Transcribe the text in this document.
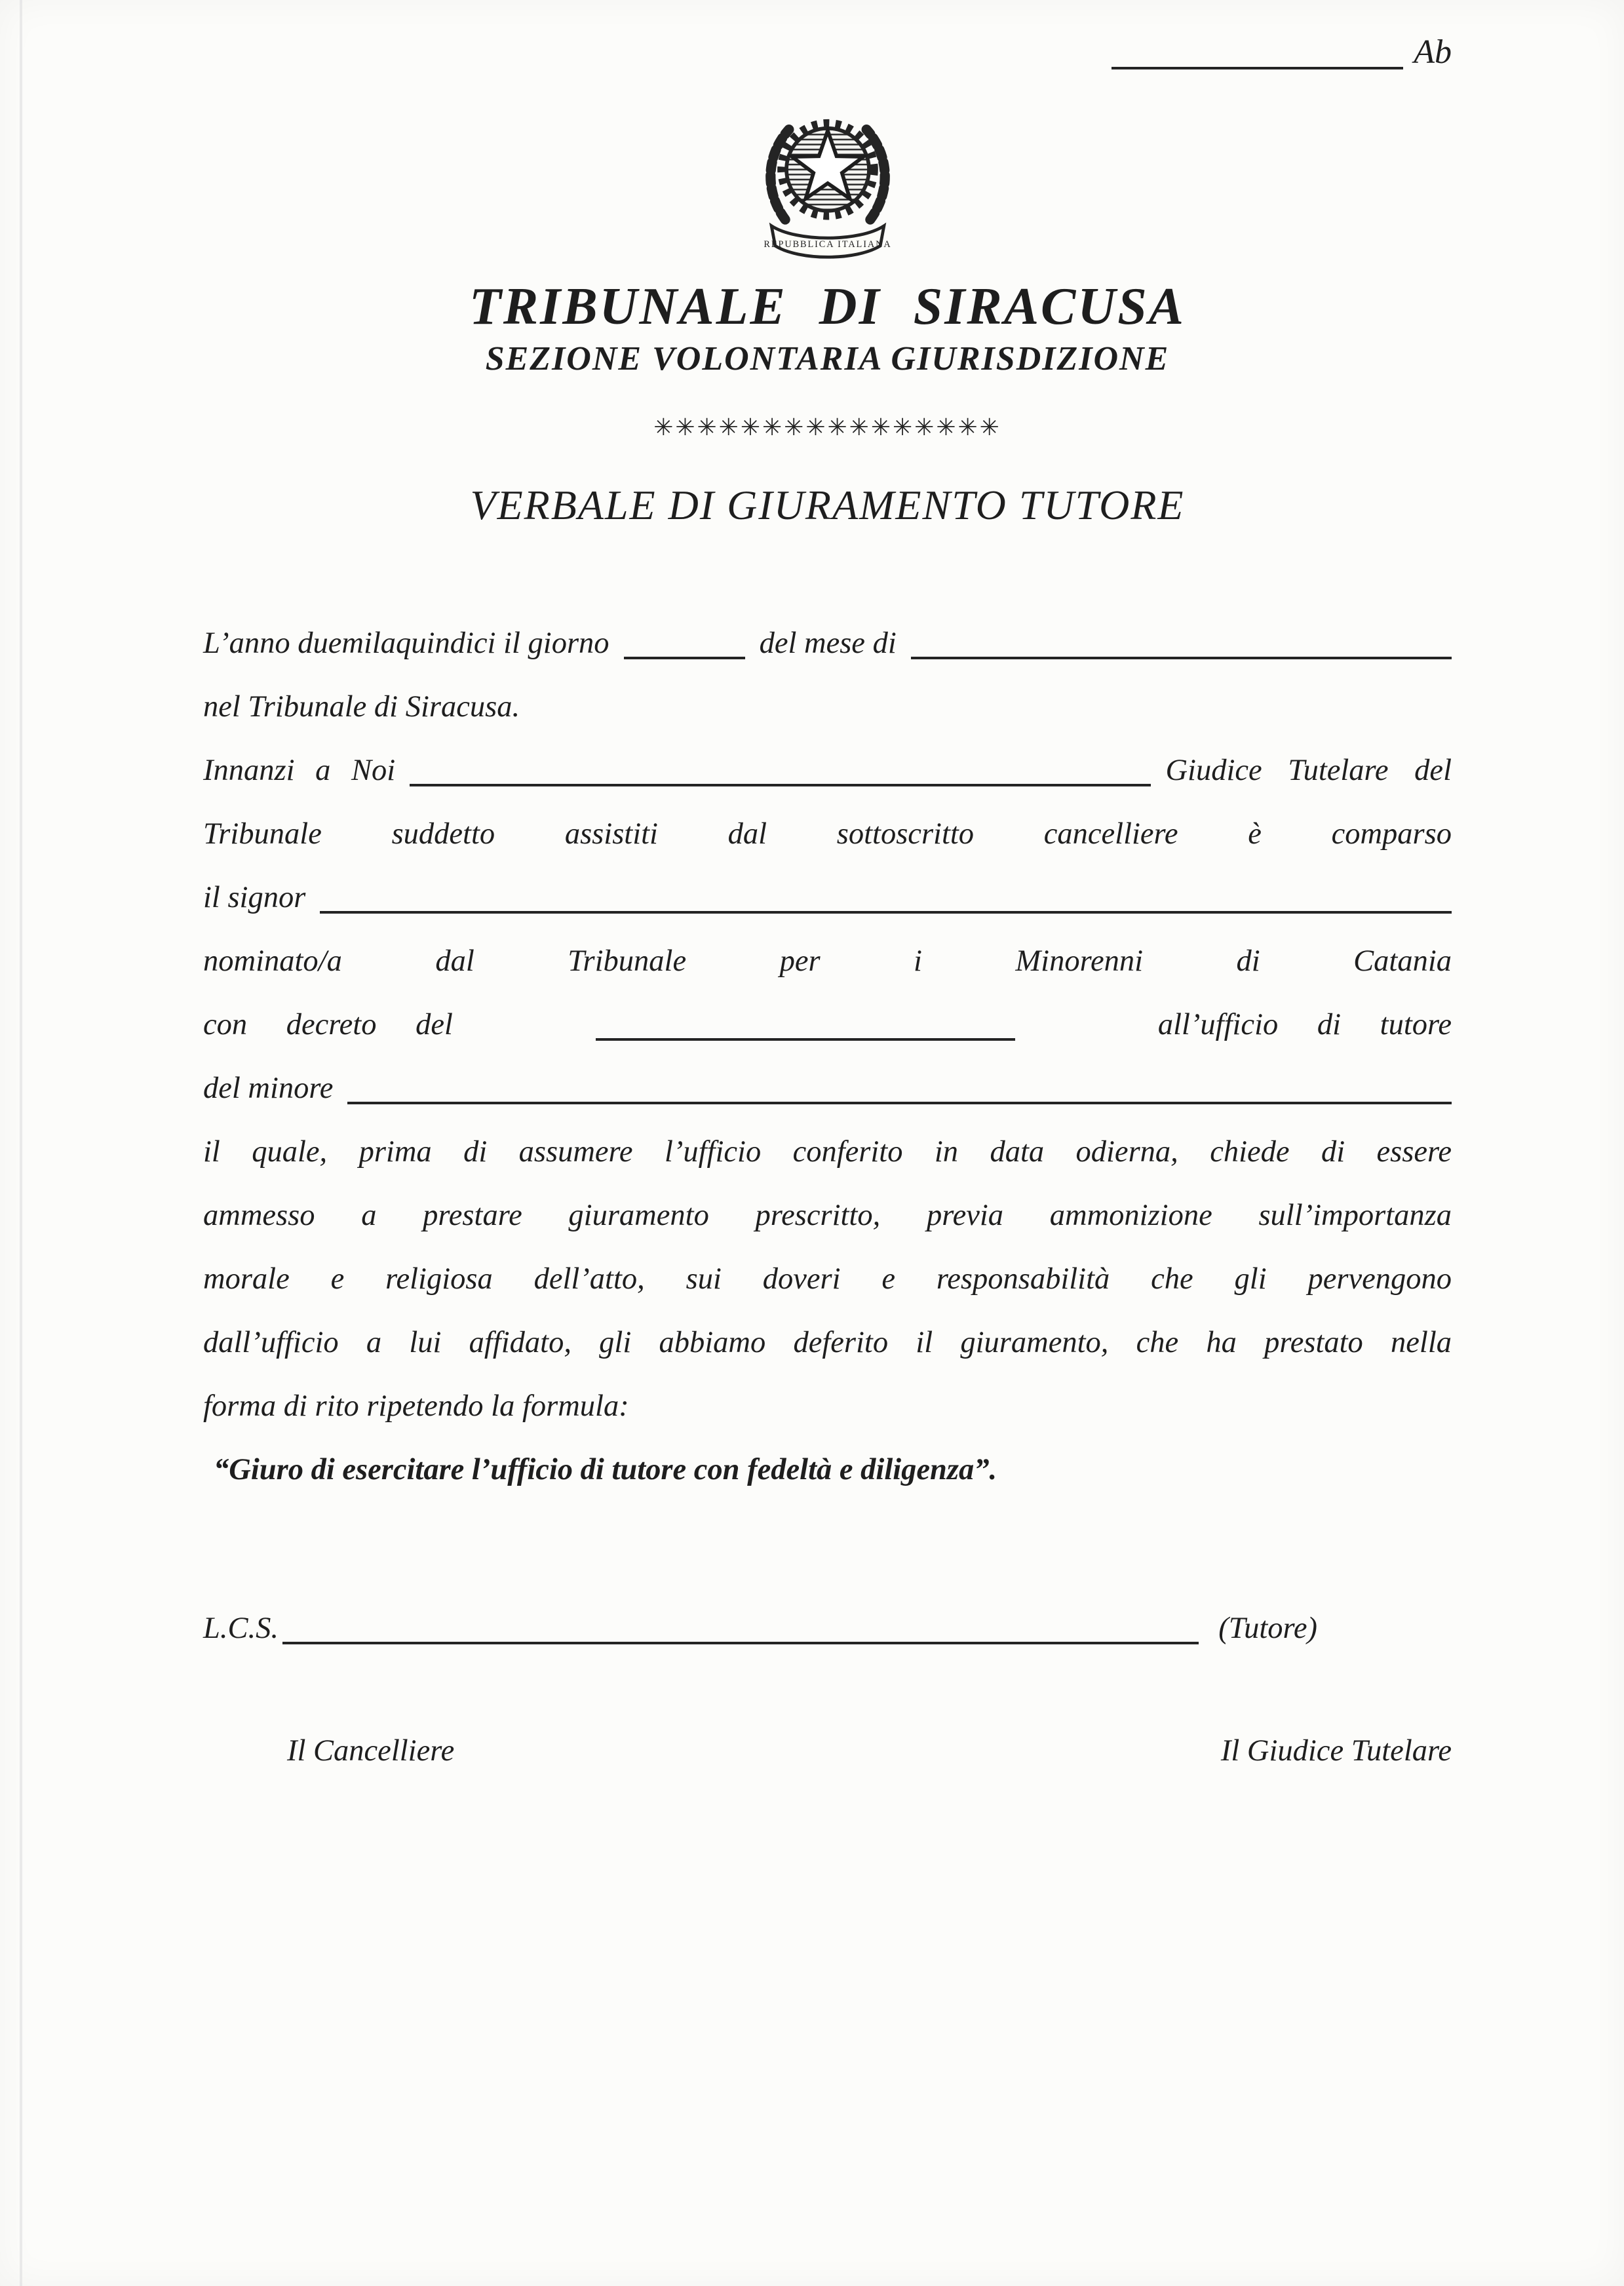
Ab
REPUBBLICA ITALIANA
TRIBUNALE DI SIRACUSA
SEZIONE VOLONTARIA GIURISDIZIONE
✳✳✳✳✳✳✳✳✳✳✳✳✳✳✳✳
VERBALE DI GIURAMENTO TUTORE
L’anno duemilaquindici il giorno	del mese di
nel Tribunale di Siracusa.
Innanzi a Noi	Giudice Tutelare del
Tribunale suddetto assistiti dal sottoscritto cancelliere è comparso
il signor
nominato/a dal Tribunale per i Minorenni di Catania
con decreto del	all’ufficio di tutore
del minore
il quale, prima di assumere l’ufficio conferito in data odierna, chiede di essere
ammesso a prestare giuramento prescritto, previa ammonizione sull’importanza
morale e religiosa dell’atto, sui doveri e responsabilità che gli pervengono
dall’ufficio a lui affidato, gli abbiamo deferito il giuramento, che ha prestato nella
forma di rito ripetendo la formula:
“Giuro di esercitare l’ufficio di tutore con fedeltà e diligenza”.
L.C.S.	(Tutore)
Il Cancelliere	Il Giudice Tutelare
